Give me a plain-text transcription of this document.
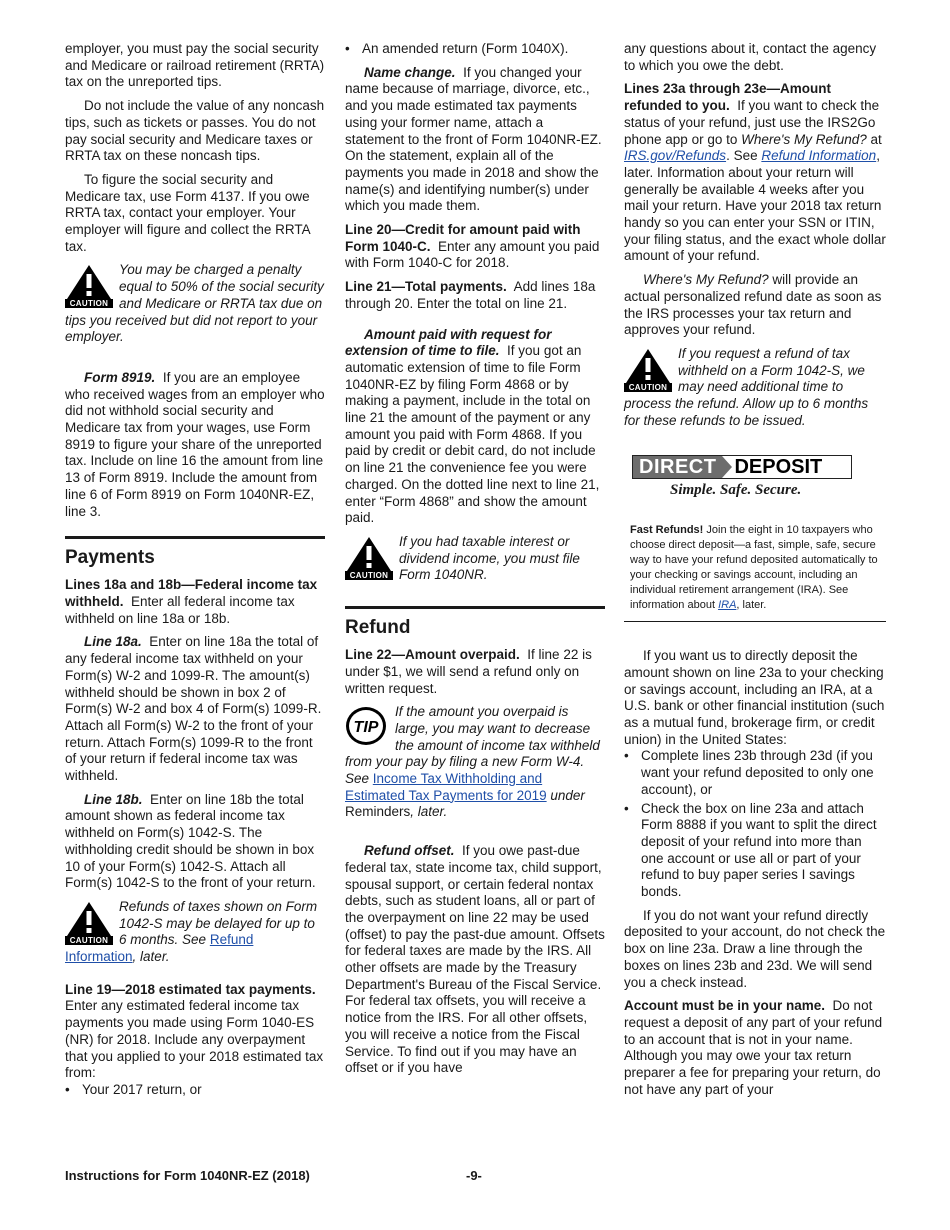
employer, you must pay the social security and Medicare or railroad retirement (RRTA) tax on the unreported tips.

Do not include the value of any noncash tips, such as tickets or passes. You do not pay social security and Medicare taxes or RRTA tax on these noncash tips.

To figure the social security and Medicare tax, use Form 4137. If you owe RRTA tax, contact your employer. Your employer will figure and collect the RRTA tax.

CAUTION
You may be charged a penalty equal to 50% of the social security and Medicare or RRTA tax due on tips you received but did not report to your employer.

Form 8919. If you are an employee who received wages from an employer who did not withhold social security and Medicare tax from your wages, use Form 8919 to figure your share of the unreported tax. Include on line 16 the amount from line 13 of Form 8919. Include the amount from line 6 of Form 8919 on Form 1040NR-EZ, line 3.

Payments

Lines 18a and 18b—Federal income tax withheld. Enter all federal income tax withheld on line 18a or 18b.

Line 18a. Enter on line 18a the total of any federal income tax withheld on your Form(s) W-2 and 1099-R. The amount(s) withheld should be shown in box 2 of Form(s) W-2 and box 4 of Form(s) 1099-R. Attach all Form(s) W-2 to the front of your return. Attach Form(s) 1099-R to the front of your return if federal income tax was withheld.

Line 18b. Enter on line 18b the total amount shown as federal income tax withheld on Form(s) 1042-S. The withholding credit should be shown in box 10 of your Form(s) 1042-S. Attach all Form(s) 1042-S to the front of your return.

CAUTION
Refunds of taxes shown on Form 1042-S may be delayed for up to 6 months. See Refund Information, later.

Line 19—2018 estimated tax payments.  Enter any estimated federal income tax payments you made using Form 1040-ES (NR) for 2018. Include any overpayment that you applied to your 2018 estimated tax from:

• Your 2017 return, or

• An amended return (Form 1040X).

Name change. If you changed your name because of marriage, divorce, etc., and you made estimated tax payments using your former name, attach a statement to the front of Form 1040NR-EZ. On the statement, explain all of the payments you made in 2018 and show the name(s) and identifying number(s) under which you made them.

Line 20—Credit for amount paid with Form 1040-C. Enter any amount you paid with Form 1040-C for 2018.

Line 21—Total payments. Add lines 18a through 20. Enter the total on line 21.

Amount paid with request for extension of time to file. If you got an automatic extension of time to file Form 1040NR-EZ by filing Form 4868 or by making a payment, include in the total on line 21 the amount of the payment or any amount you paid with Form 4868. If you paid by credit or debit card, do not include on line 21 the convenience fee you were charged. On the dotted line next to line 21, enter “Form 4868” and show the amount paid.

CAUTION
If you had taxable interest or dividend income, you must file Form 1040NR.
Refund

Line 22—Amount overpaid. If line 22 is under $1, we will send a refund only on written request.

TIP
If the amount you overpaid is large, you may want to decrease the amount of income tax withheld from your pay by filing a new Form W-4. See Income Tax Withholding and Estimated Tax Payments for 2019 under Reminders, later.

Refund offset. If you owe past-due federal tax, state income tax, child support, spousal support, or certain federal nontax debts, such as student loans, all or part of the overpayment on line 22 may be used (offset) to pay the past-due amount. Offsets for federal taxes are made by the IRS. All other offsets are made by the Treasury Department's Bureau of the Fiscal Service. For federal tax offsets, you will receive a notice from the IRS. For all other offsets, you will receive a notice from the Fiscal Service. To find out if you may have an offset or if you have

any questions about it, contact the agency to which you owe the debt.

Lines 23a through 23e—Amount refunded to you. If you want to check the status of your refund, just use the IRS2Go phone app or go to Where's My Refund? at IRS.gov/Refunds. See Refund Information, later. Information about your return will generally be available 4 weeks after you mail your return. Have your 2018 tax return handy so you can enter your SSN or ITIN, your filing status, and the exact whole dollar amount of your refund.

Where's My Refund? will provide an actual personalized refund date as soon as the IRS processes your tax return and approves your refund.

CAUTION
If you request a refund of tax withheld on a Form 1042-S, we may need additional time to process the refund. Allow up to 6 months for these refunds to be issued.
DIRECT DEPOSIT
Simple. Safe. Secure.

Fast Refunds! Join the eight in 10 taxpayers who choose direct deposit—a fast, simple, safe, secure way to have your refund deposited automatically to your checking or savings account, including an individual retirement arrangement (IRA). See information about IRA, later.

If you want us to directly deposit the amount shown on line 23a to your checking or savings account, including an IRA, at a U.S. bank or other financial institution (such as a mutual fund, brokerage firm, or credit union) in the United States:

• Complete lines 23b through 23d (if you want your refund deposited to only one account), or

• Check the box on line 23a and attach Form 8888 if you want to split the direct deposit of your refund into more than one account or use all or part of your refund to buy paper series I savings bonds.

If you do not want your refund directly deposited to your account, do not check the box on line 23a. Draw a line through the boxes on lines 23b and 23d. We will send you a check instead.

Account must be in your name. Do not request a deposit of any part of your refund to an account that is not in your name. Although you may owe your tax return preparer a fee for preparing your return, do not have any part of your

Instructions for Form 1040NR-EZ (2018)	-9-
